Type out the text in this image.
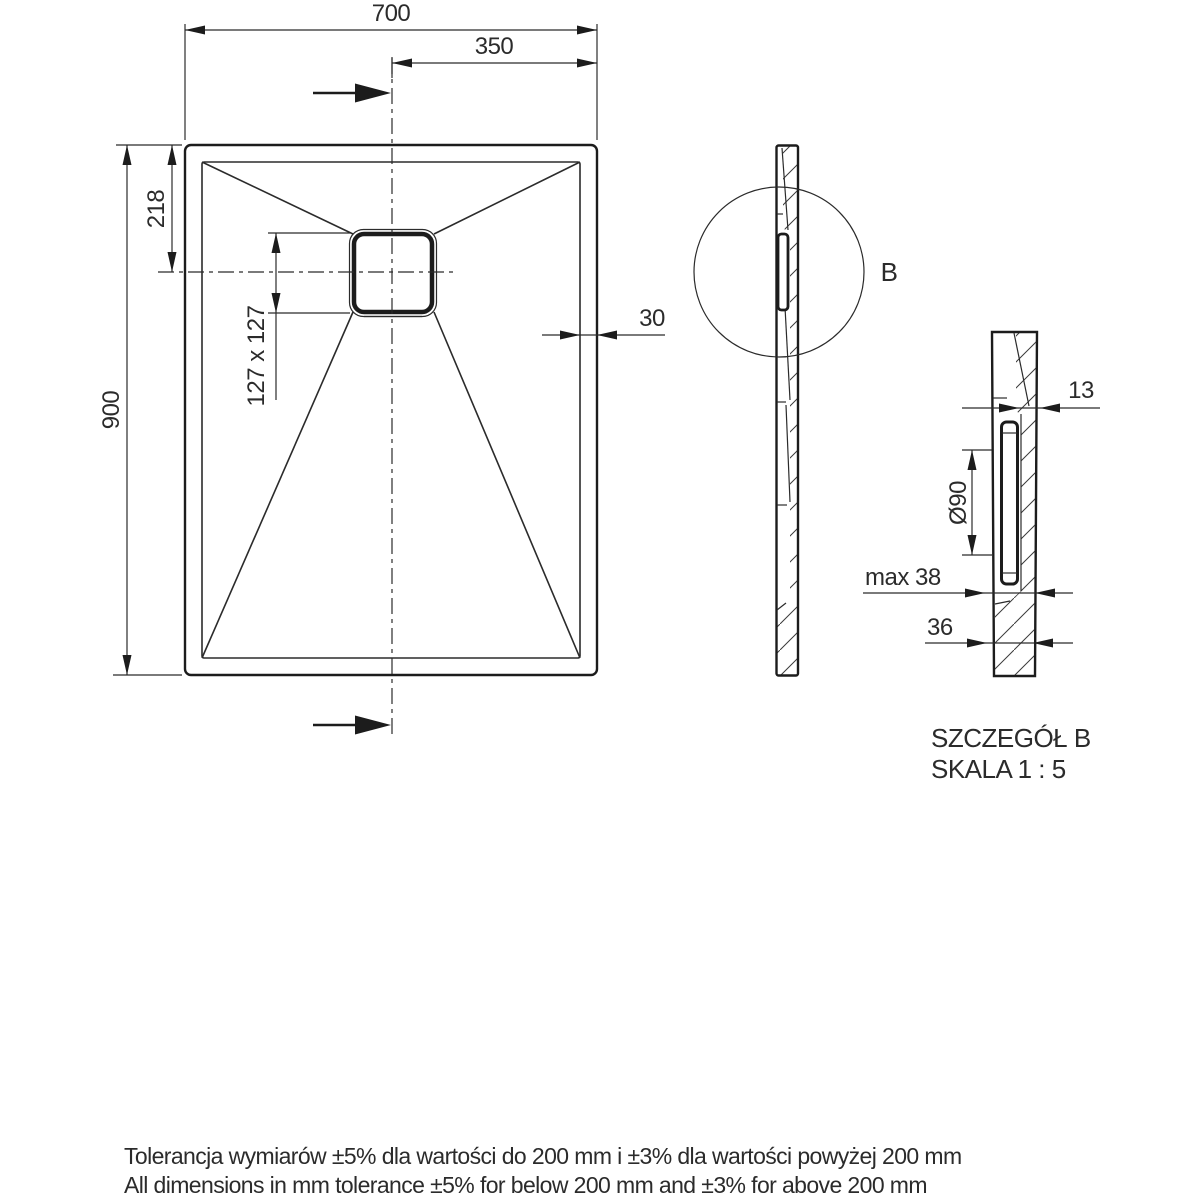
700
350
900
218
127 x 127	30
B
13
Ø90
max 38
36
SZCZEGÓŁ B
SKALA 1 : 5
Tolerancja wymiarów ±5% dla wartości do 200 mm i ±3% dla wartości powyżej 200 mm
All dimensions in mm tolerance ±5% for below 200 mm and ±3% for above 200 mm
